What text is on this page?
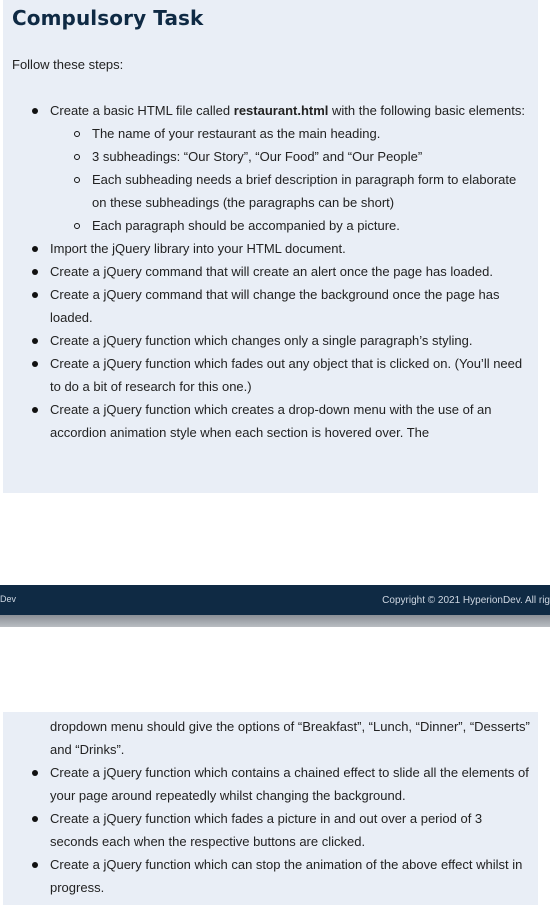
Compulsory Task
Follow these steps:
Create a basic HTML file called restaurant.html with the following basic elements:
The name of your restaurant as the main heading.
3 subheadings: “Our Story”, “Our Food” and “Our People”
Each subheading needs a brief description in paragraph form to elaborate on these subheadings (the paragraphs can be short)
Each paragraph should be accompanied by a picture.
Import the jQuery library into your HTML document.
Create a jQuery command that will create an alert once the page has loaded.
Create a jQuery command that will change the background once the page has loaded.
Create a jQuery function which changes only a single paragraph’s styling.
Create a jQuery function which fades out any object that is clicked on. (You’ll need to do a bit of research for this one.)
Create a jQuery function which creates a drop-down menu with the use of an accordion animation style when each section is hovered over. The
Dev	Copyright © 2021 HyperionDev. All rig
dropdown menu should give the options of “Breakfast”, “Lunch, “Dinner”, “Desserts” and “Drinks”.
Create a jQuery function which contains a chained effect to slide all the elements of your page around repeatedly whilst changing the background.
Create a jQuery function which fades a picture in and out over a period of 3 seconds each when the respective buttons are clicked.
Create a jQuery function which can stop the animation of the above effect whilst in progress.
